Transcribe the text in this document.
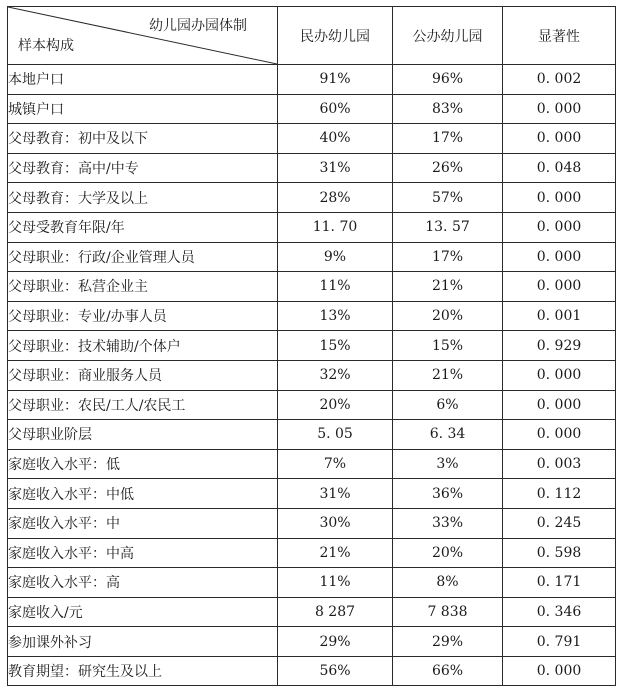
幼儿园办园体制
样本构成	民办幼儿园	公办幼儿园	显著性
本地户口	91%	96%	0. 002
城镇户口	60%	83%	0. 000
父母教育：初中及以下	40%	17%	0. 000
父母教育：高中/中专	31%	26%	0. 048
父母教育：大学及以上	28%	57%	0. 000
父母受教育年限/年	11. 70	13. 57	0. 000
父母职业：行政/企业管理人员	9%	17%	0. 000
父母职业：私营企业主	11%	21%	0. 000
父母职业：专业/办事人员	13%	20%	0. 001
父母职业：技术辅助/个体户	15%	15%	0. 929
父母职业：商业服务人员	32%	21%	0. 000
父母职业：农民/工人/农民工	20%	6%	0. 000
父母职业阶层	5. 05	6. 34	0. 000
家庭收入水平：低	7%	3%	0. 003
家庭收入水平：中低	31%	36%	0. 112
家庭收入水平：中	30%	33%	0. 245
家庭收入水平：中高	21%	20%	0. 598
家庭收入水平：高	11%	8%	0. 171
家庭收入/元	8 287	7 838	0. 346
参加课外补习	29%	29%	0. 791
教育期望：研究生及以上	56%	66%	0. 000
